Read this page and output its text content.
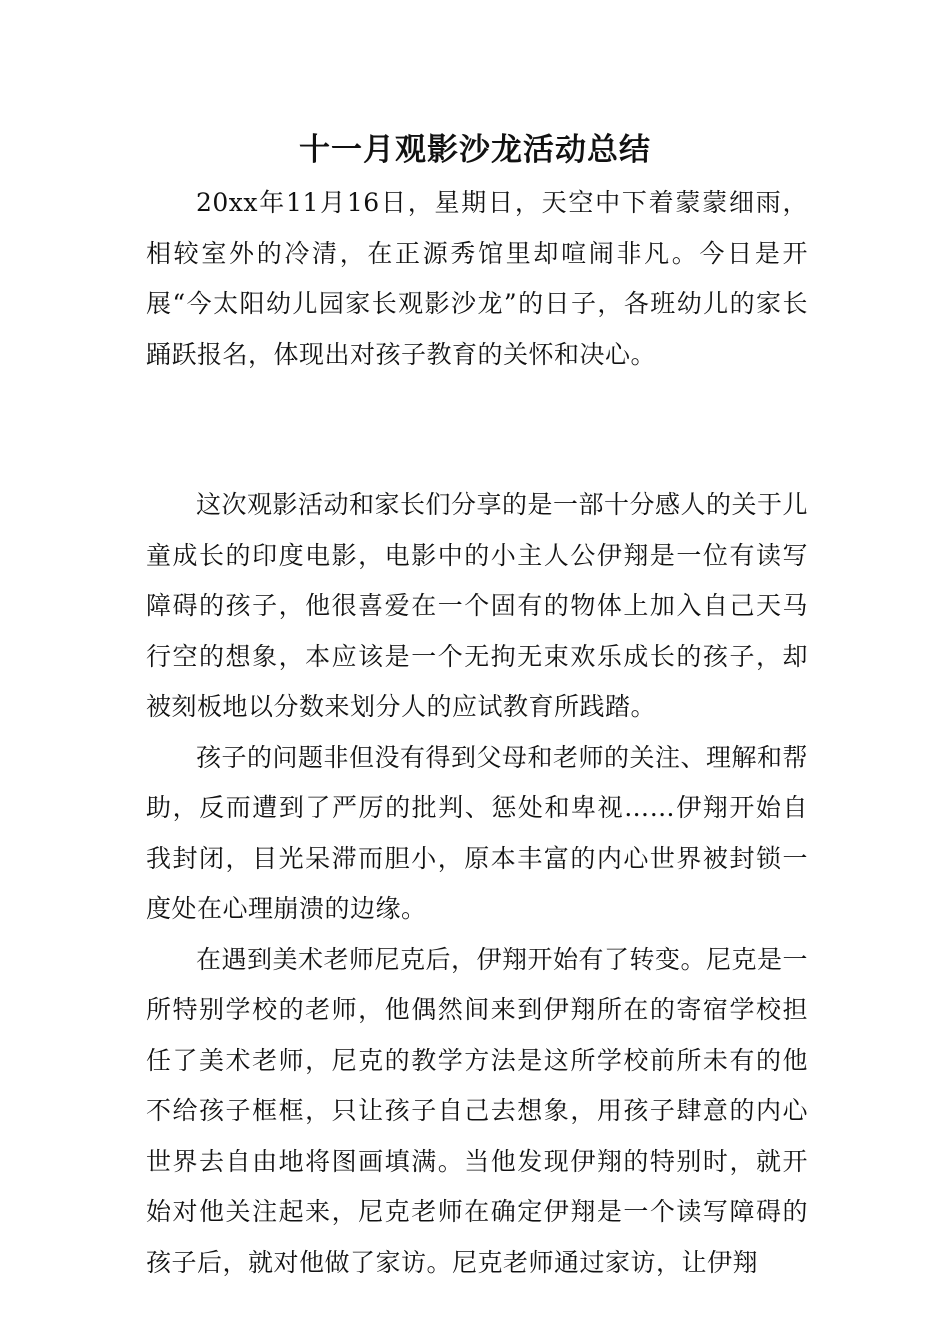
十一月观影沙龙活动总结

20xx年11月16日，星期日，天空中下着蒙蒙细雨，相较室外的冷清，在正源秀馆里却喧闹非凡。今日是开展“今太阳幼儿园家长观影沙龙”的日子，各班幼儿的家长踊跃报名，体现出对孩子教育的关怀和决心。

这次观影活动和家长们分享的是一部十分感人的关于儿童成长的印度电影，电影中的小主人公伊翔是一位有读写障碍的孩子，他很喜爱在一个固有的物体上加入自己天马行空的想象，本应该是一个无拘无束欢乐成长的孩子，却被刻板地以分数来划分人的应试教育所践踏。

孩子的问题非但没有得到父母和老师的关注、理解和帮助，反而遭到了严厉的批判、惩处和卑视……伊翔开始自我封闭，目光呆滞而胆小，原本丰富的内心世界被封锁一度处在心理崩溃的边缘。

在遇到美术老师尼克后，伊翔开始有了转变。尼克是一所特别学校的老师，他偶然间来到伊翔所在的寄宿学校担任了美术老师，尼克的教学方法是这所学校前所未有的他不给孩子框框，只让孩子自己去想象，用孩子肆意的内心世界去自由地将图画填满。当他发现伊翔的特别时，就开始对他关注起来，尼克老师在确定伊翔是一个读写障碍的孩子后，就对他做了家访。尼克老师通过家访，让伊翔
